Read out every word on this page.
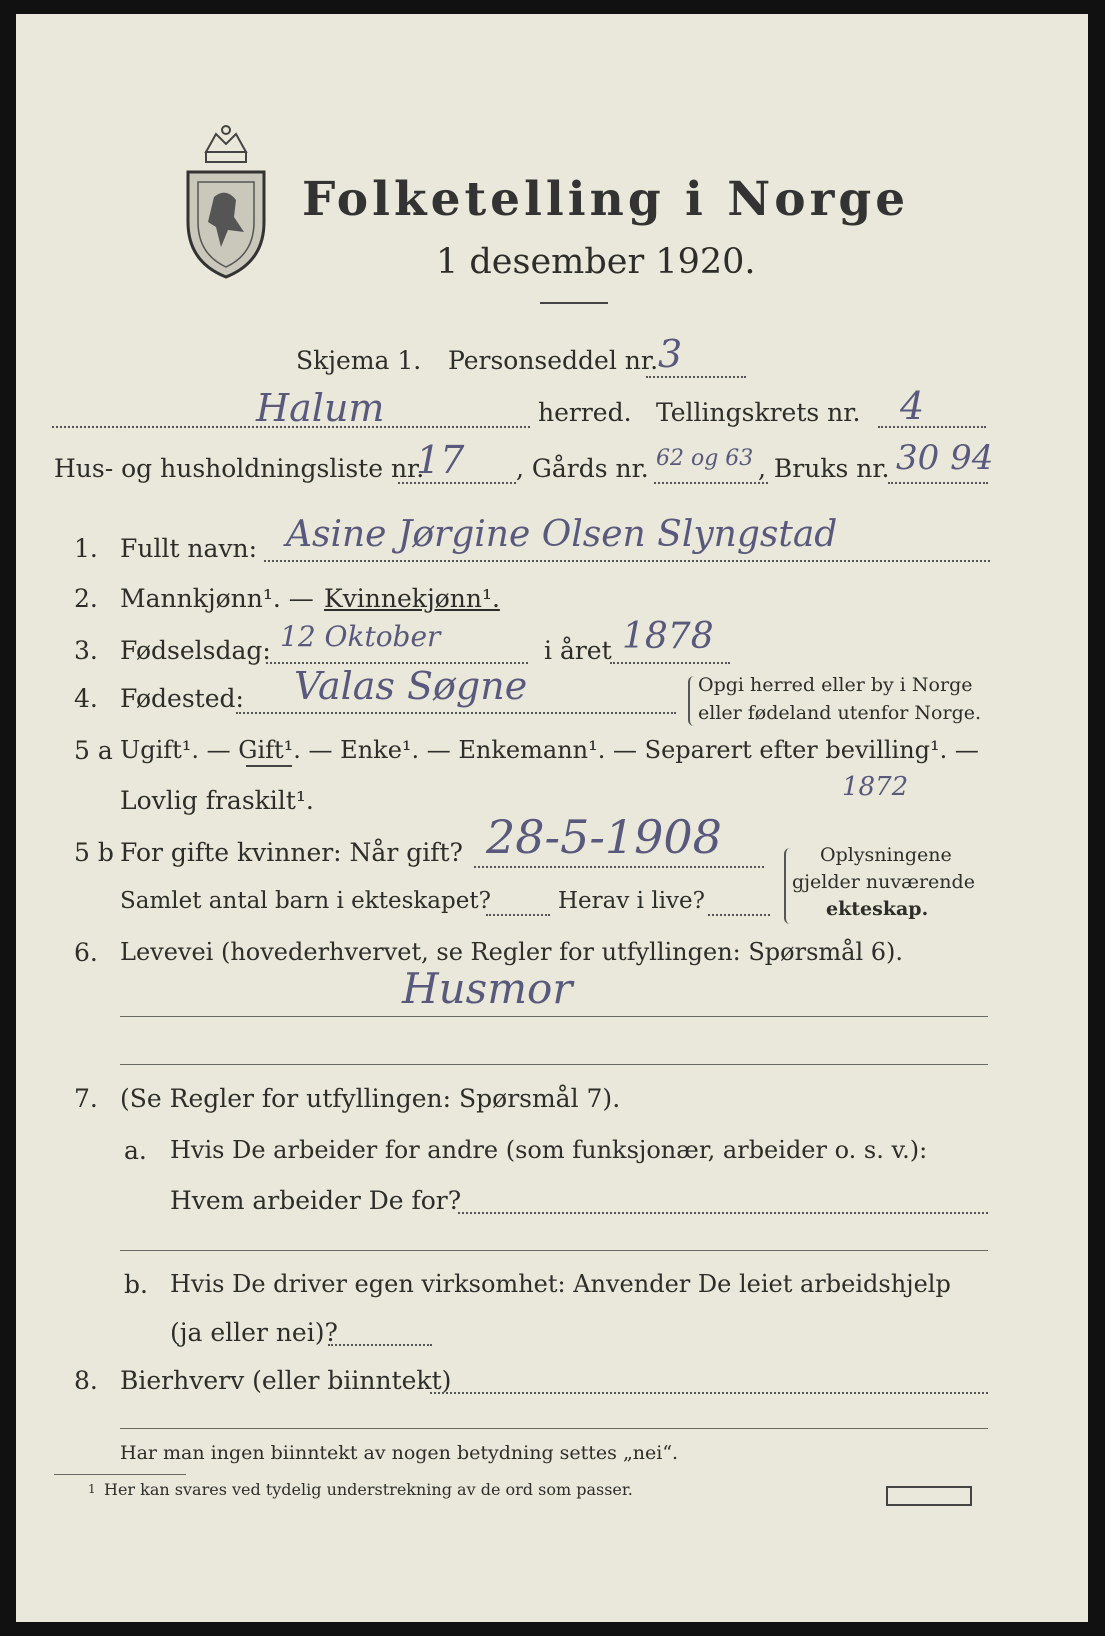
Folketelling i Norge
1 desember 1920.
Skjema 1. Personseddel nr. 3
Halum	herred. Tellingskrets nr. 4
Hus- og husholdningsliste nr.
17 , Gårds nr. 62 og 63 , Bruks nr. 30 94
1. Fullt navn: Asine Jørgine Olsen Slyngstad
2. Mannkjønn¹. — Kvinnekjønn¹.
3. Fødselsdag: 12 Oktober	i året 1878
4. Fødested: Valas Søgne	Opgi herred eller by i Norge
eller fødeland utenfor Norge.
5 a Ugift¹. — Gift¹. — Enke¹. — Enkemann¹. — Separert efter bevilling¹. —
Lovlig fraskilt¹.	1872
5 b For gifte kvinner: Når gift? 28-5-1908
Samlet antal barn i ekteskapet?	Herav i live?
Oplysningene
gjelder nuværende
ekteskap.
6. Levevei (hovederhvervet, se Regler for utfyllingen: Spørsmål 6).
Husmor
7. (Se Regler for utfyllingen: Spørsmål 7).
a. Hvis De arbeider for andre (som funksjonær, arbeider o. s. v.):
Hvem arbeider De for?
b. Hvis De driver egen virksomhet: Anvender De leiet arbeidshjelp
(ja eller nei)?
8. Bierhverv (eller biinntekt)
Har man ingen biinntekt av nogen betydning settes „nei“.
1 Her kan svares ved tydelig understrekning av de ord som passer.
